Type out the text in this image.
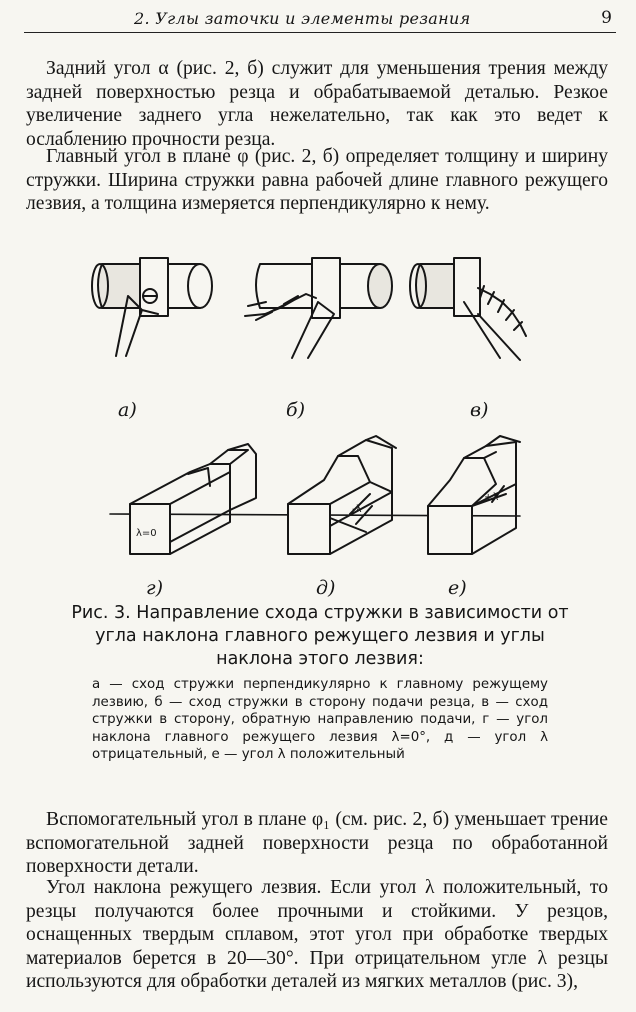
2. Углы заточки и элементы резания	9

Задний угол α (рис. 2, б) служит для уменьшения трения между задней поверхностью резца и обрабатываемой деталью. Резкое увеличение заднего угла нежелательно, так как это ведет к ослаблению прочности резца.

Главный угол в плане φ (рис. 2, б) определяет толщину и ширину стружки. Ширина стружки равна рабочей длине главного режущего лезвия, а толщина измеряется перпендикулярно к нему.

а)	б)	в)
г)	д)	е)
λ=0
-λ
+λ

Рис. 3. Направление схода стружки в зависимости от угла наклона главного режущего лезвия и углы наклона этого лезвия:

а — сход стружки перпендикулярно к главному режущему лезвию, б — сход стружки в сторону подачи резца, в — сход стружки в сторону, обратную направлению подачи, г — угол наклона главного режущего лезвия λ=0°, д — угол λ отрицательный, е — угол λ положительный

Вспомогательный угол в плане φ₁ (см. рис. 2, б) уменьшает трение вспомогательной задней поверхности резца по обработанной поверхности детали.

Угол наклона режущего лезвия. Если угол λ положительный, то резцы получаются более прочными и стойкими. У резцов, оснащенных твердым сплавом, этот угол при обработке твердых материалов берется в 20—30°. При отрицательном угле λ резцы используются для обработки деталей из мягких металлов (рис. 3),
